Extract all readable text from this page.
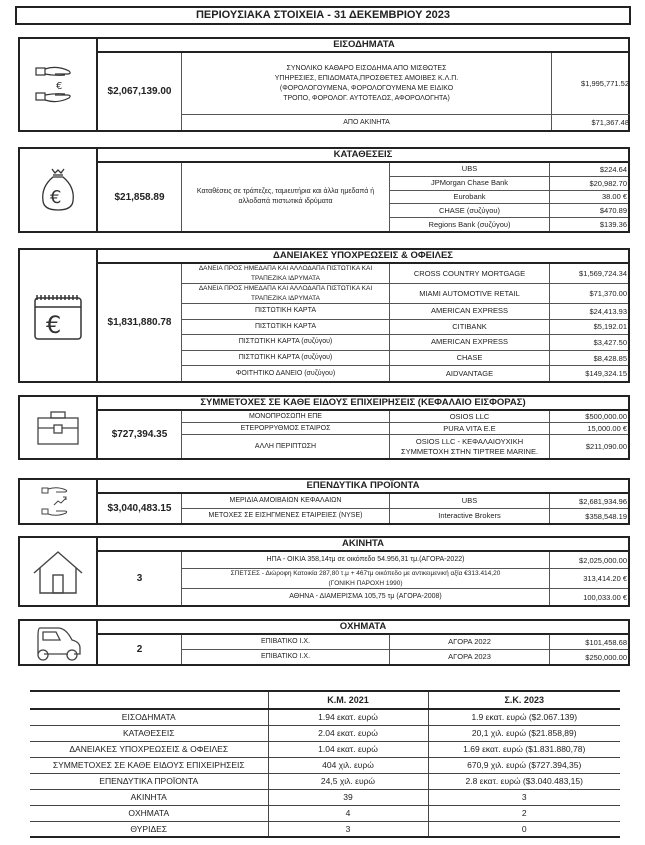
ΠΕΡΙΟΥΣΙΑΚΑ ΣΤΟΙΧΕΙΑ - 31 ΔΕΚΕΜΒΡΙΟΥ 2023
€
ΕΙΣΟΔΗΜΑΤΑ
$2,067,139.00
ΣΥΝΟΛΙΚΟ ΚΑΘΑΡΟ ΕΙΣΟΔΗΜΑ ΑΠΟ ΜΙΣΘΩΤΕΣ ΥΠΗΡΕΣΙΕΣ, ΕΠΙΔΟΜΑΤΑ,ΠΡΟΣΘΕΤΕΣ ΑΜΟΙΒΕΣ Κ.Λ.Π.(ΦΟΡΟΛΟΓΟΥΜΕΝΑ, ΦΟΡΟΛΟΓΟΥΜΕΝΑ ΜΕ ΕΙΔΙΚΟ ΤΡΟΠΟ, ΦΟΡΟΛΟΓ. ΑΥΤΟΤΕΛΩΣ, ΑΦΟΡΟΛΟΓΗΤΑ)
$1,995,771.52
ΑΠΟ ΑΚΙΝΗΤΑ	$71,367.48
€
ΚΑΤΑΘΕΣΕΙΣ
$21,858.89	Καταθέσεις σε τράπεζες, ταμιευτήρια και άλλα ημεδαπά ή αλλοδαπά πιστωτικά ιδρύματα
UBS	$224.64
JPMorgan Chase Bank	$20,982.70
Eurobank	38.00 €
CHASE (συζύγου)	$470.89
Regions Bank (συζύγου)	$139.36
€
ΔΑΝΕΙΑΚΕΣ ΥΠΟΧΡΕΩΣΕΙΣ & ΟΦΕΙΛΕΣ
$1,831,880.78
ΔΑΝΕΙΑ ΠΡΟΣ ΗΜΕΔΑΠΑ ΚΑΙ ΑΛΛΟΔΑΠΑ ΠΙΣΤΩΤΙΚΑ ΚΑΙ ΤΡΑΠΕΖΙΚΑ ΙΔΡΥΜΑΤΑ
CROSS COUNTRY MORTGAGE	$1,569,724.34
ΔΑΝΕΙΑ ΠΡΟΣ ΗΜΕΔΑΠΑ ΚΑΙ ΑΛΛΟΔΑΠΑ ΠΙΣΤΩΤΙΚΑ ΚΑΙ ΤΡΑΠΕΖΙΚΑ ΙΔΡΥΜΑΤΑ
MIAMI AUTOMOTIVE RETAIL	$71,370.00
ΠΙΣΤΩΤΙΚΗ ΚΑΡΤΑ	AMERICAN EXPRESS	$24,413.93
ΠΙΣΤΩΤΙΚΗ ΚΑΡΤΑ	CITIBANK	$5,192.01
ΠΙΣΤΩΤΙΚΗ ΚΑΡΤΑ (συζύγου)	AMERICAN EXPRESS	$3,427.50
ΠΙΣΤΩΤΙΚΗ ΚΑΡΤΑ (συζύγου)	CHASE	$8,428.85
ΦΟΙΤΗΤΙΚΟ ΔΑΝΕΙΟ (συζύγου)	AIDVANTAGE	$149,324.15
ΣΥΜΜΕΤΟΧΕΣ ΣΕ ΚΑΘΕ ΕΙΔΟΥΣ ΕΠΙΧΕΙΡΗΣΕΙΣ (ΚΕΦΑΛΑΙΟ ΕΙΣΦΟΡΑΣ)
$727,394.35
ΜΟΝΟΠΡΟΣΩΠΗ ΕΠΕ	OSIOS LLC	$500,000.00
ΕΤΕΡΟΡΡΥΘΜΟΣ ΕΤΑΙΡΟΣ	PURA VITA E.E	15,000.00 €
ΑΛΛΗ ΠΕΡΙΠΤΩΣΗ
OSIOS LLC - ΚΕΦΑΛΑΙΟΥΧΙΚΗ ΣΥΜΜΕΤΟΧΗ ΣΤΗΝ TIPTREE MARINE.	$211,090.00
ΕΠΕΝΔΥΤΙΚΑ ΠΡΟΪΟΝΤΑ
$3,040,483.15
ΜΕΡΙΔΙΑ ΑΜΟΙΒΑΙΩΝ ΚΕΦΑΛΑΙΩΝ	UBS	$2,681,934.96
ΜΕΤΟΧΕΣ ΣΕ ΕΙΣΗΓΜΕΝΕΣ ΕΤΑΙΡΕΙΕΣ (NYSE)	Interactive Brokers	$358,548.19
ΑΚΙΝΗΤΑ
3
ΗΠΑ - ΟΙΚΙΑ 358,14τμ σε οικόπεδο 54.956,31 τμ.(ΑΓΟΡΑ-2022)	$2,025,000.00
ΣΠΕΤΣΕΣ - Διώροφη Κατοικία 287,80 τ.μ + 467τμ οικόπεδο με αντικειμενική αξία €313.414,20 (ΓΟΝΙΚΗ ΠΑΡΟΧΗ 1990)	313,414.20 €
ΑΘΗΝΑ - ΔΙΑΜΕΡΙΣΜΑ 105,75 τμ (ΑΓΟΡΑ-2008)	100,033.00 €
ΟΧΗΜΑΤΑ
2
ΕΠΙΒΑΤΙΚΟ Ι.Χ.	ΑΓΟΡΑ 2022	$101,458.68
ΕΠΙΒΑΤΙΚΟ Ι.Χ.	ΑΓΟΡΑ 2023	$250,000.00
	Κ.Μ. 2021	Σ.Κ. 2023
ΕΙΣΟΔΗΜΑΤΑ	1.94 εκατ. ευρώ	1.9 εκατ. ευρώ ($2.067.139)
ΚΑΤΑΘΕΣΕΙΣ	2.04 εκατ. ευρώ	20,1 χιλ. ευρώ ($21.858,89)
ΔΑΝΕΙΑΚΕΣ ΥΠΟΧΡΕΩΣΕΙΣ & ΟΦΕΙΛΕΣ	1.04 εκατ. ευρώ	1.69 εκατ. ευρώ ($1.831.880,78)
ΣΥΜΜΕΤΟΧΕΣ ΣΕ ΚΑΘΕ ΕΙΔΟΥΣ ΕΠΙΧΕΙΡΗΣΕΙΣ	404 χιλ. ευρώ	670,9 χιλ. ευρώ ($727.394,35)
ΕΠΕΝΔΥΤΙΚΑ ΠΡΟΪΟΝΤΑ	24,5 χιλ. ευρώ	2.8 εκατ. ευρώ ($3.040.483,15)
ΑΚΙΝΗΤΑ	39	3
ΟΧΗΜΑΤΑ	4	2
ΘΥΡΙΔΕΣ	3	0
